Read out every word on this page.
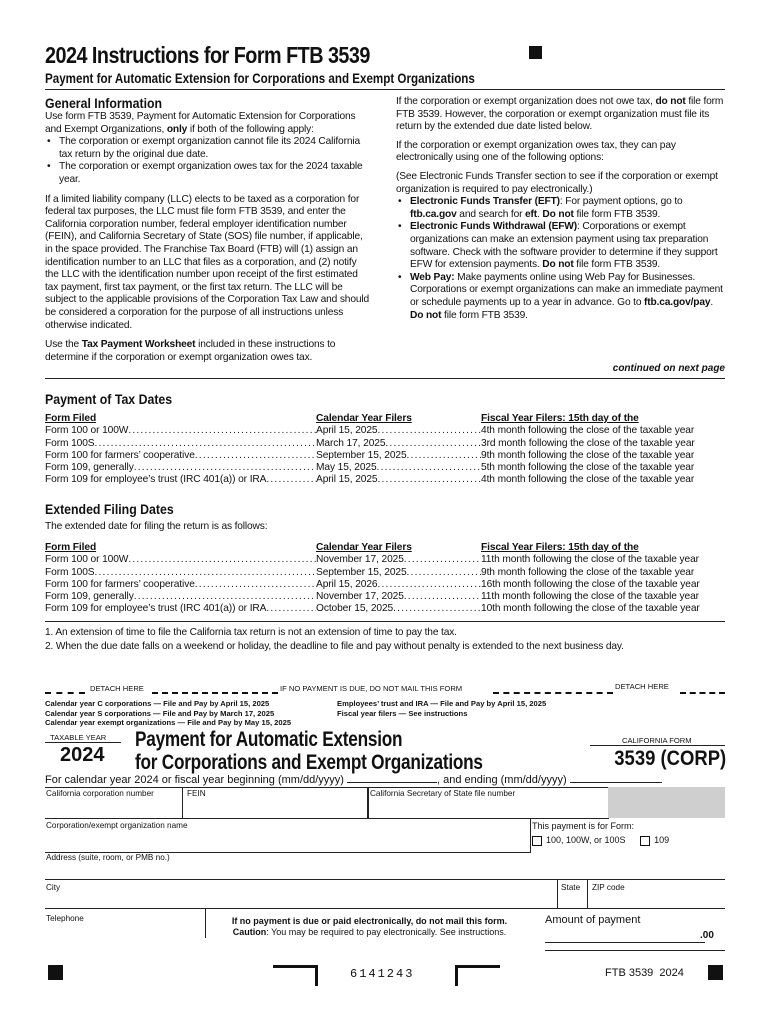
2024 Instructions for Form FTB 3539
Payment for Automatic Extension for Corporations and Exempt Organizations
General Information
Use form FTB 3539, Payment for Automatic Extension for Corporations and Exempt Organizations, only if both of the following apply:
• The corporation or exempt organization cannot file its 2024 California tax return by the original due date.
• The corporation or exempt organization owes tax for the 2024 taxable year.
If a limited liability company (LLC) elects to be taxed as a corporation for federal tax purposes, the LLC must file form FTB 3539, and enter the California corporation number, federal employer identification number (FEIN), and California Secretary of State (SOS) file number, if applicable, in the space provided. The Franchise Tax Board (FTB) will (1) assign an identification number to an LLC that files as a corporation, and (2) notify the LLC with the identification number upon receipt of the first estimated tax payment, first tax payment, or the first tax return. The LLC will be subject to the applicable provisions of the Corporation Tax Law and should be considered a corporation for the purpose of all instructions unless otherwise indicated.
Use the Tax Payment Worksheet included in these instructions to determine if the corporation or exempt organization owes tax.
If the corporation or exempt organization does not owe tax, do not file form FTB 3539. However, the corporation or exempt organization must file its return by the extended due date listed below.
If the corporation or exempt organization owes tax, they can pay electronically using one of the following options:
(See Electronic Funds Transfer section to see if the corporation or exempt organization is required to pay electronically.)
• Electronic Funds Transfer (EFT): For payment options, go to ftb.ca.gov and search for eft. Do not file form FTB 3539.
• Electronic Funds Withdrawal (EFW): Corporations or exempt organizations can make an extension payment using tax preparation software. Check with the software provider to determine if they support EFW for extension payments. Do not file form FTB 3539.
• Web Pay: Make payments online using Web Pay for Businesses. Corporations or exempt organizations can make an immediate payment or schedule payments up to a year in advance. Go to ftb.ca.gov/pay. Do not file form FTB 3539.
continued on next page
Payment of Tax Dates
Form Filed	Calendar Year Filers	Fiscal Year Filers: 15th day of the

Form 100 or 100W
.....	April 15, 2025
.....	4th month following the close of the taxable year

Form 100S
.....	March 17, 2025
.....	3rd month following the close of the taxable year

Form 100 for farmers’ cooperative
.....	September 15, 2025
.....	9th month following the close of the taxable year

Form 109, generally
.....	May 15, 2025
.....	5th month following the close of the taxable year

Form 109 for employee’s trust (IRC 401(a)) or IRA
.....	April 15, 2025
.....	4th month following the close of the taxable year
Extended Filing Dates
The extended date for filing the return is as follows:
Form Filed	Calendar Year Filers	Fiscal Year Filers: 15th day of the

Form 100 or 100W
.....	November 17, 2025
.....	11th month following the close of the taxable year

Form 100S
.....	September 15, 2025
.....	9th month following the close of the taxable year

Form 100 for farmers’ cooperative
.....	April 15, 2026
.....	16th month following the close of the taxable year

Form 109, generally
.....	November 17, 2025
.....	11th month following the close of the taxable year

Form 109 for employee’s trust (IRC 401(a)) or IRA
.....	October 15, 2025
.....	10th month following the close of the taxable year
1. An extension of time to file the California tax return is not an extension of time to pay the tax.
2. When the due date falls on a weekend or holiday, the deadline to file and pay without penalty is extended to the next business day.
DETACH HERE	IF NO PAYMENT IS DUE, DO NOT MAIL THIS FORM	DETACH HERE
Calendar year C corporations — File and Pay by April 15, 2025
Calendar year S corporations — File and Pay by March 17, 2025
Calendar year exempt organizations — File and Pay by May 15, 2025
Employees’ trust and IRA — File and Pay by April 15, 2025
Fiscal year filers — See instructions
TAXABLE YEAR
2024
Payment for Automatic Extension
for Corporations and Exempt Organizations
CALIFORNIA FORM
3539 (CORP)
For calendar year 2024 or fiscal year beginning (mm/dd/yyyy)	, and ending (mm/dd/yyyy)
California corporation number	FEIN	California Secretary of State file number
Corporation/exempt organization name	This payment is for Form:
100, 100W, or 100S	109
Address (suite, room, or PMB no.)
City	State ZIP code
Telephone	If no payment is due or paid electronically, do not mail this form.
Caution: You may be required to pay electronically. See instructions.
Amount of payment
.00
6141243	FTB 3539  2024
